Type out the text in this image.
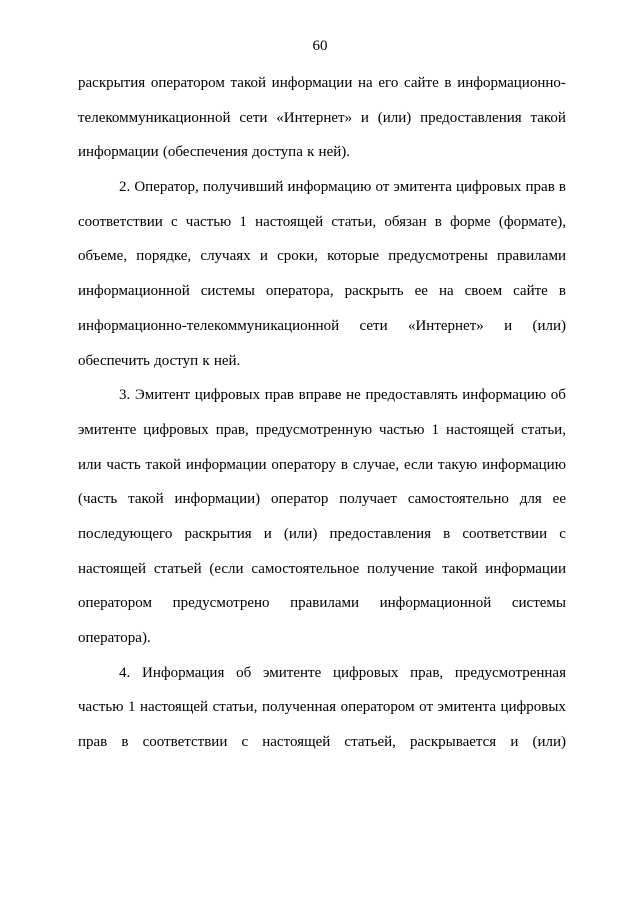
60
раскрытия оператором такой информации на его сайте в информационно-
телекоммуникационной сети «Интернет» и (или) предоставления такой
информации (обеспечения доступа к ней).
2. Оператор, получивший информацию от эмитента цифровых прав в
соответствии с частью 1 настоящей статьи, обязан в форме (формате),
объеме, порядке, случаях и сроки, которые предусмотрены правилами
информационной системы оператора, раскрыть ее на своем сайте в
информационно-телекоммуникационной сети «Интернет» и (или)
обеспечить доступ к ней.
3. Эмитент цифровых прав вправе не предоставлять информацию об
эмитенте цифровых прав, предусмотренную частью 1 настоящей статьи,
или часть такой информации оператору в случае, если такую информацию
(часть такой информации) оператор получает самостоятельно для ее
последующего раскрытия и (или) предоставления в соответствии с
настоящей статьей (если самостоятельное получение такой информации
оператором предусмотрено правилами информационной системы
оператора).
4. Информация об эмитенте цифровых прав, предусмотренная
частью 1 настоящей статьи, полученная оператором от эмитента цифровых
прав в соответствии с настоящей статьей, раскрывается и (или)
